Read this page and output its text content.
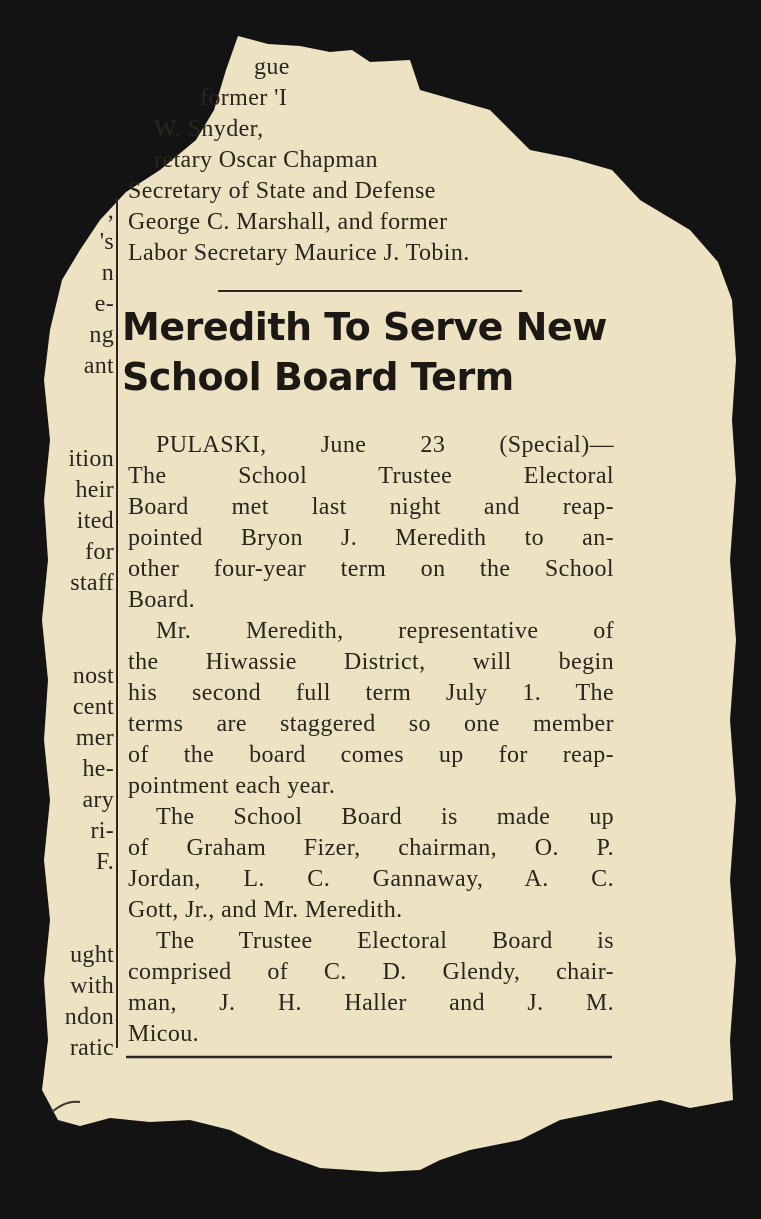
,
's
n
e-
ng
ant
ition
heir
ited
for
staff
nost
cent
mer
he-
ary
ri-
F.
ught
with
ndon
ratic
gue
former 'I
W. Snyder,
retary Oscar Chapman
Secretary of State and Defense
George C. Marshall, and former
Labor Secretary Maurice J. Tobin.
Meredith To Serve New
School Board Term
PULASKI, June 23 (Special)—
The School Trustee Electoral
Board met last night and reap-
pointed Bryon J. Meredith to an-
other four-year term on the School
Board.
Mr. Meredith, representative of
the Hiwassie District, will begin
his second full term July 1. The
terms are staggered so one member
of the board comes up for reap-
pointment each year.
The School Board is made up
of Graham Fizer, chairman, O. P.
Jordan, L. C. Gannaway, A. C.
Gott, Jr., and Mr. Meredith.
The Trustee Electoral Board is
comprised of C. D. Glendy, chair-
man, J. H. Haller and J. M.
Micou.
